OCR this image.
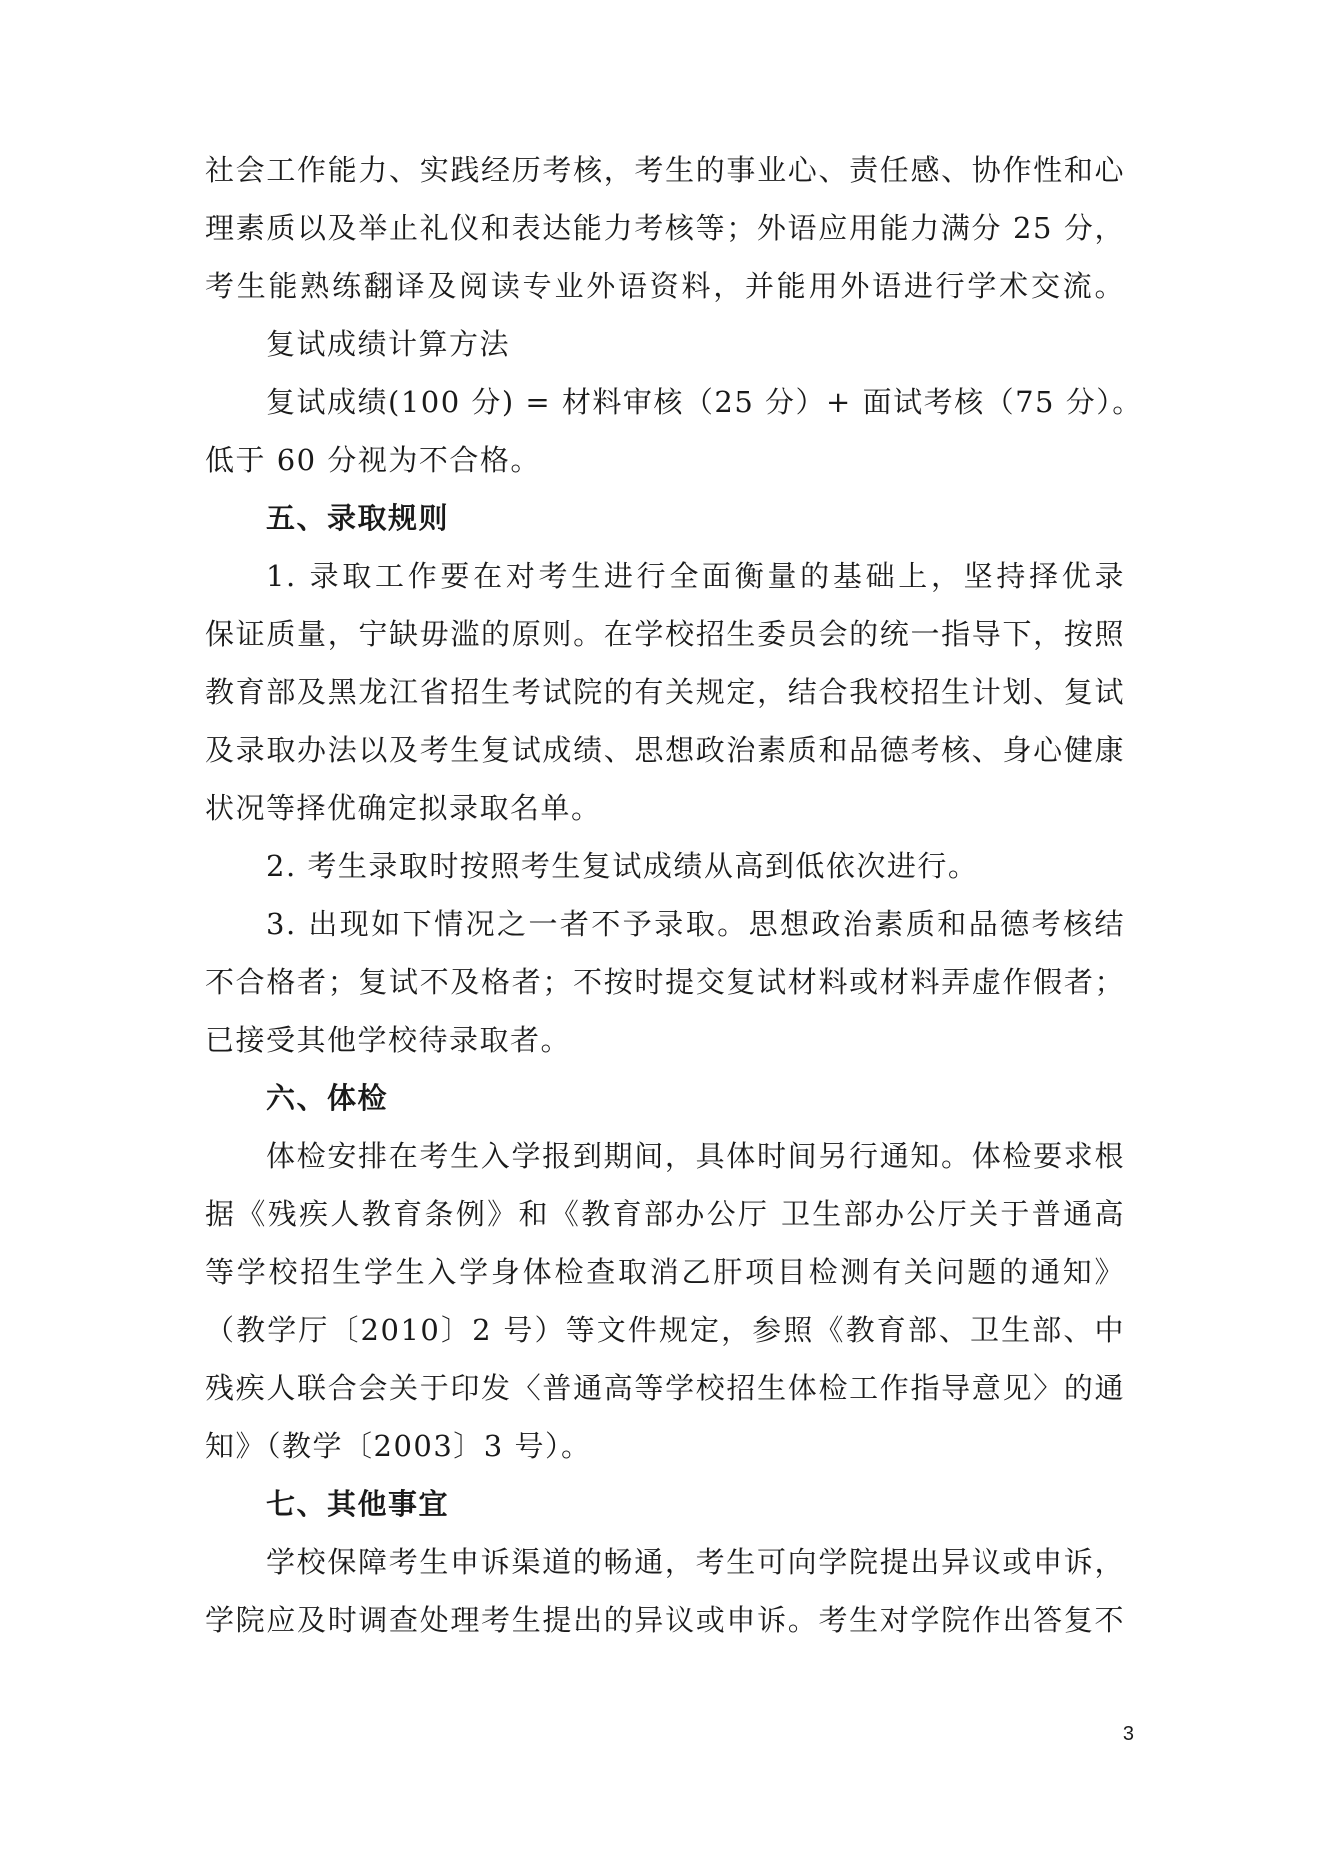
社会工作能力、实践经历考核，考生的事业心、责任感、协作性和心
理素质以及举止礼仪和表达能力考核等；外语应用能力满分 25 分，
考生能熟练翻译及阅读专业外语资料，并能用外语进行学术交流。
复试成绩计算方法
复试成绩(100 分) = 材料审核（25 分）+ 面试考核（75 分）。
低于 60 分视为不合格。
五、录取规则
1. 录取工作要在对考生进行全面衡量的基础上，坚持择优录
保证质量，宁缺毋滥的原则。在学校招生委员会的统一指导下，按照
教育部及黑龙江省招生考试院的有关规定，结合我校招生计划、复试
及录取办法以及考生复试成绩、思想政治素质和品德考核、身心健康
状况等择优确定拟录取名单。
2. 考生录取时按照考生复试成绩从高到低依次进行。
3. 出现如下情况之一者不予录取。思想政治素质和品德考核结
不合格者；复试不及格者；不按时提交复试材料或材料弄虚作假者；
已接受其他学校待录取者。
六、体检
体检安排在考生入学报到期间，具体时间另行通知。体检要求根
据《残疾人教育条例》和《教育部办公厅 卫生部办公厅关于普通高
等学校招生学生入学身体检查取消乙肝项目检测有关问题的通知》
（教学厅〔2010〕2 号）等文件规定，参照《教育部、卫生部、中
残疾人联合会关于印发〈普通高等学校招生体检工作指导意见〉的通
知》（教学〔2003〕3 号）。
七、其他事宜
学校保障考生申诉渠道的畅通，考生可向学院提出异议或申诉，
学院应及时调查处理考生提出的异议或申诉。考生对学院作出答复不
3
